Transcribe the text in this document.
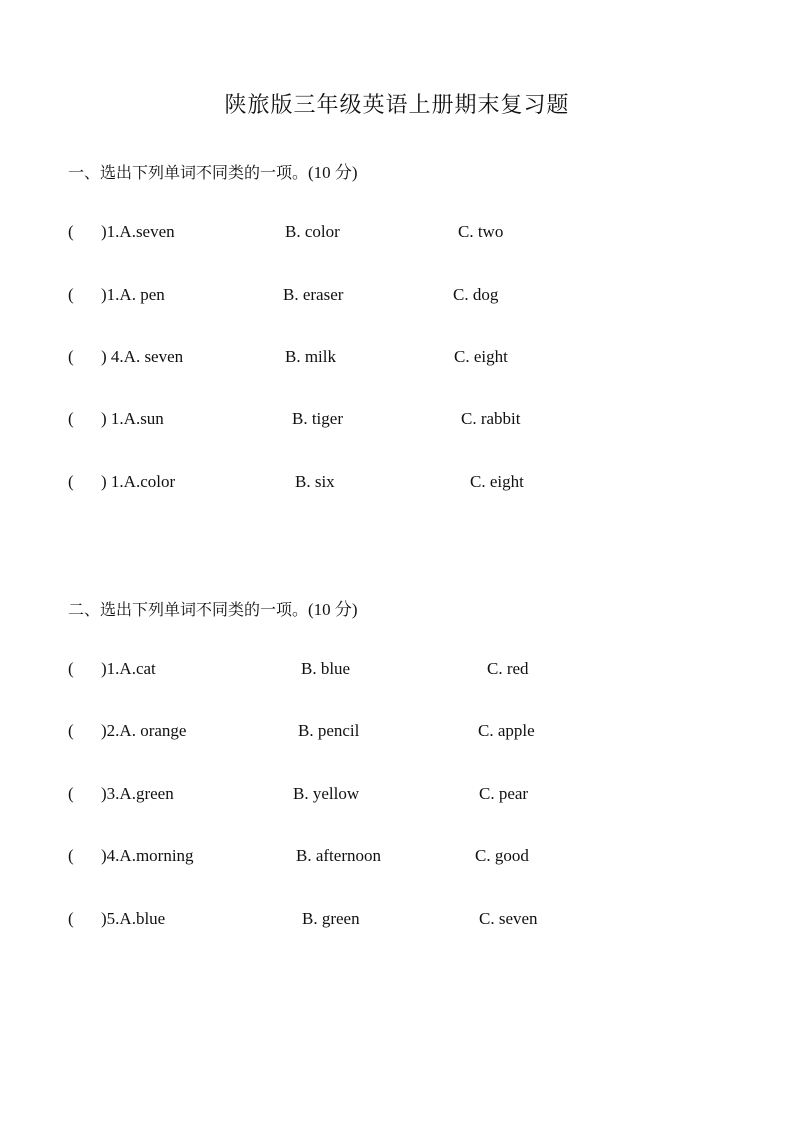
陕旅版三年级英语上册期末复习题
一、选出下列单词不同类的一项。(10 分)
( )1.A.seven	B. color	C. two
( )1.A. pen	B. eraser	C. dog
( ) 4.A. seven	B. milk	C. eight
( ) 1.A.sun	B. tiger	C. rabbit
( ) 1.A.color	B. six	C. eight
二、选出下列单词不同类的一项。(10 分)
( )1.A.cat	B. blue	C. red
( )2.A. orange	B. pencil	C. apple
( )3.A.green	B. yellow	C. pear
( )4.A.morning	B. afternoon	C. good
( )5.A.blue	B. green	C. seven
